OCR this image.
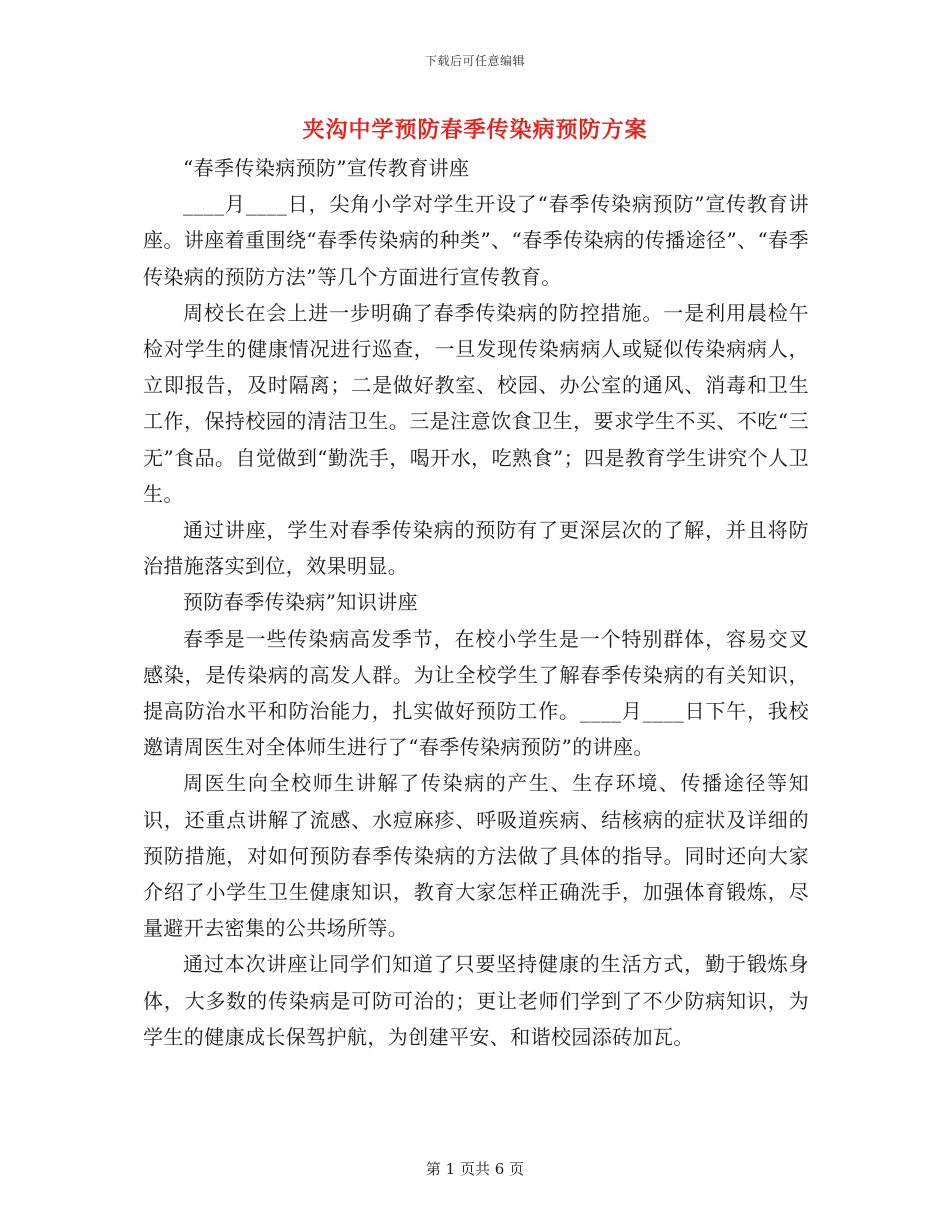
下载后可任意编辑
夹沟中学预防春季传染病预防方案

“春季传染病预防”宣传教育讲座

____月____日，尖角小学对学生开设了“春季传染病预防”宣传教育讲座。讲座着重围绕“春季传染病的种类”、“春季传染病的传播途径”、“春季传染病的预防方法”等几个方面进行宣传教育。

周校长在会上进一步明确了春季传染病的防控措施。一是利用晨检午检对学生的健康情况进行巡查，一旦发现传染病病人或疑似传染病病人，立即报告，及时隔离；二是做好教室、校园、办公室的通风、消毒和卫生工作，保持校园的清洁卫生。三是注意饮食卫生，要求学生不买、不吃“三无”食品。自觉做到“勤洗手，喝开水，吃熟食”；四是教育学生讲究个人卫生。

通过讲座，学生对春季传染病的预防有了更深层次的了解，并且将防治措施落实到位，效果明显。

预防春季传染病”知识讲座

春季是一些传染病高发季节，在校小学生是一个特别群体，容易交叉感染，是传染病的高发人群。为让全校学生了解春季传染病的有关知识，提高防治水平和防治能力，扎实做好预防工作。____月____日下午，我校邀请周医生对全体师生进行了“春季传染病预防”的讲座。

周医生向全校师生讲解了传染病的产生、生存环境、传播途径等知识，还重点讲解了流感、水痘麻疹、呼吸道疾病、结核病的症状及详细的预防措施，对如何预防春季传染病的方法做了具体的指导。同时还向大家介绍了小学生卫生健康知识，教育大家怎样正确洗手，加强体育锻炼，尽量避开去密集的公共场所等。

通过本次讲座让同学们知道了只要坚持健康的生活方式，勤于锻炼身体，大多数的传染病是可防可治的；更让老师们学到了不少防病知识，为学生的健康成长保驾护航，为创建平安、和谐校园添砖加瓦。

第 1 页共 6 页
